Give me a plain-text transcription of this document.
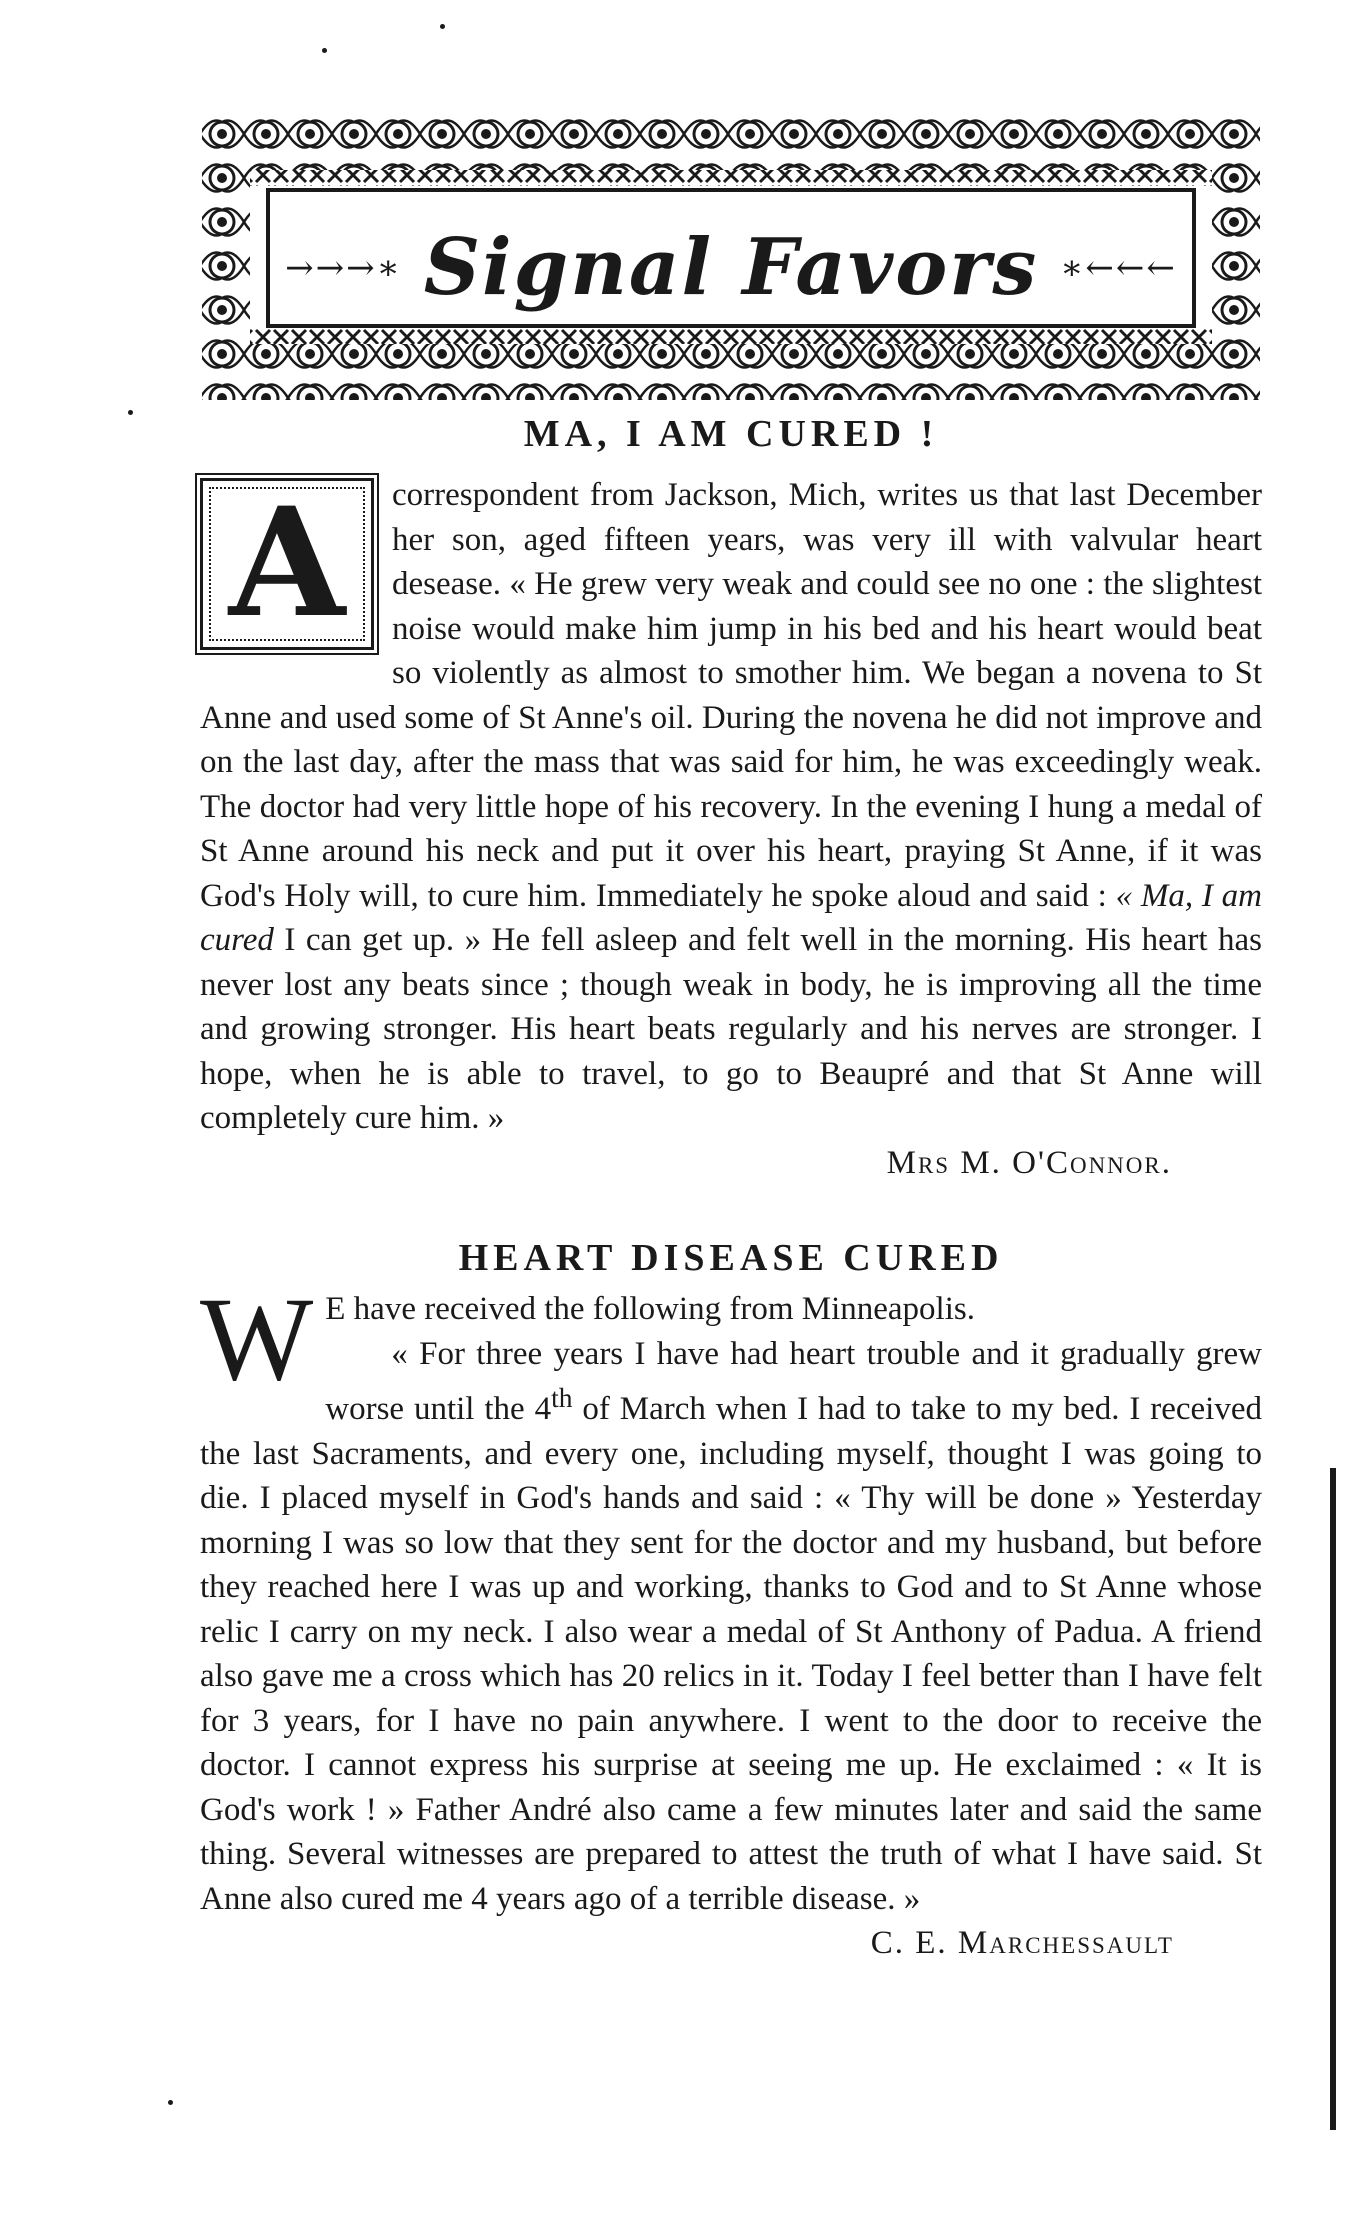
→→→∗ Signal Favors ∗←←←
MA, I AM CURED !

A	correspondent from Jackson, Mich, writes us that last December her son, aged fifteen years, was very ill with valvular heart desease. « He grew very weak and could see no one : the slightest noise would make him jump in his bed and his heart would beat so violently as almost to smother him. We began a novena to St Anne and used some of St Anne's oil. During the novena he did not improve and on the last day, after the mass that was said for him, he was exceedingly weak. The doctor had very little hope of his recovery. In the evening I hung a medal of St Anne around his neck and put it over his heart, praying St Anne, if it was God's Holy will, to cure him. Immediately he spoke aloud and said : « Ma, I am cured I can get up. » He fell asleep and felt well in the morning. His heart has never lost any beats since ; though weak in body, he is improving all the time and growing stronger. His heart beats regularly and his nerves are stronger. I hope, when he is able to travel, to go to Beaupré and that St Anne will completely cure him. »
Mrs M. O'Connor.

HEART DISEASE CURED

W E have received the following from Minneapolis.
  « For three years I have had heart trouble and it gradually grew worse until the 4th of March when I had to take to my bed. I received the last Sacraments, and every one, including myself, thought I was going to die. I placed myself in God's hands and said : « Thy will be done » Yesterday morning I was so low that they sent for the doctor and my husband, but before they reached here I was up and working, thanks to God and to St Anne whose relic I carry on my neck. I also wear a medal of St Anthony of Padua. A friend also gave me a cross which has 20 relics in it. Today I feel better than I have felt for 3 years, for I have no pain anywhere. I went to the door to receive the doctor. I cannot express his surprise at seeing me up. He exclaimed : « It is God's work ! » Father André also came a few minutes later and said the same thing. Several witnesses are prepared to attest the truth of what I have said. St Anne also cured me 4 years ago of a terrible disease. »
C. E. Marchessault
